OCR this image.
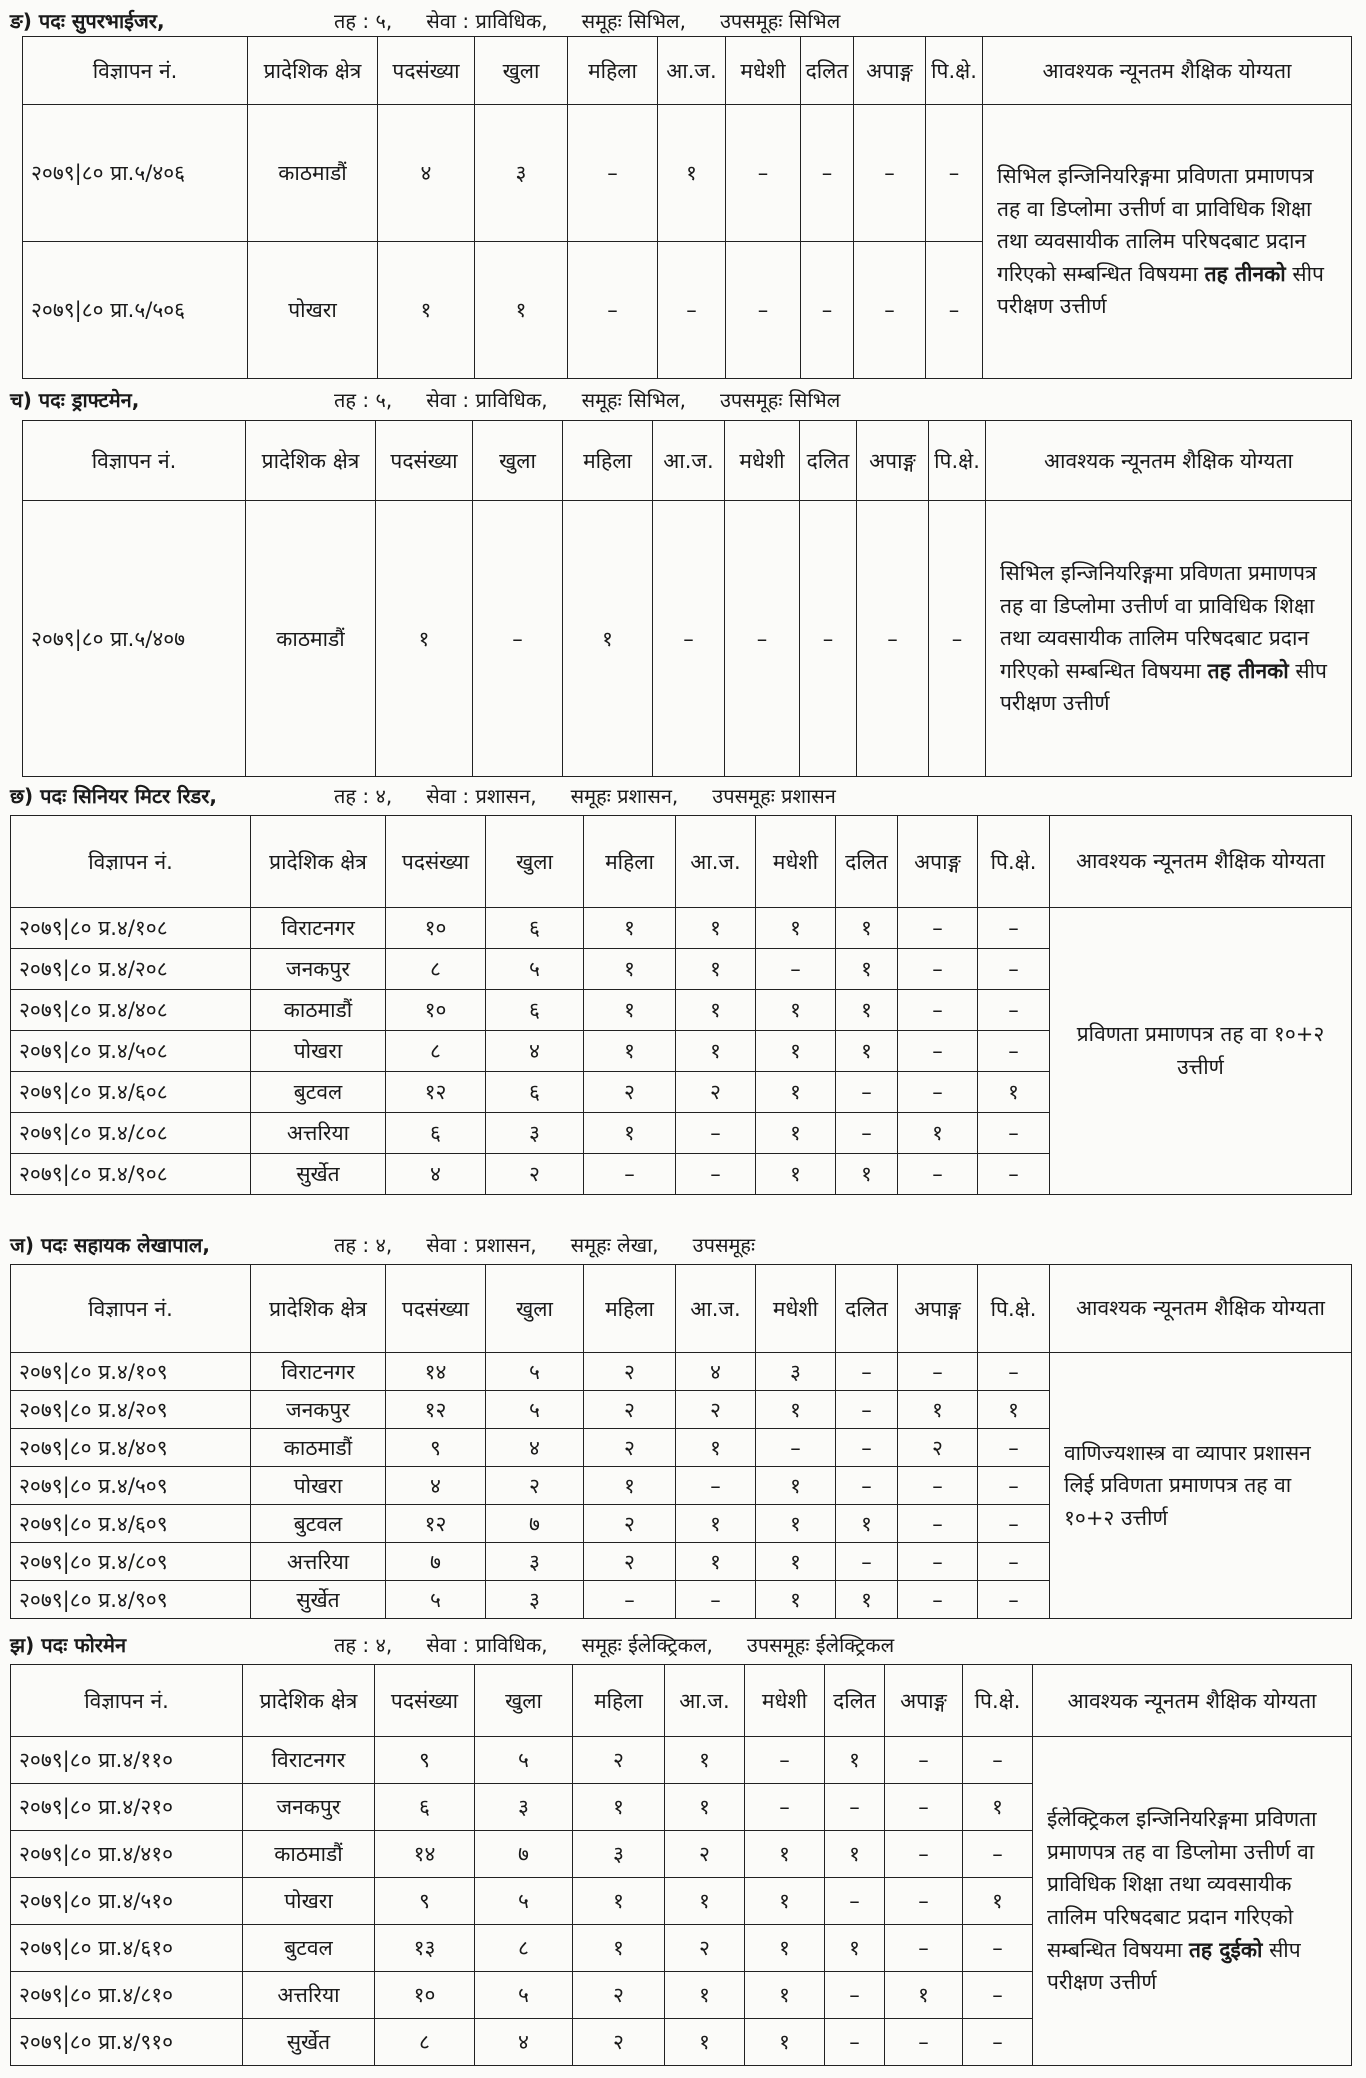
ङ) पदः सुपरभाईजर,	तह : ५, सेवा : प्राविधिक, समूहः सिभिल, उपसमूहः सिभिल
विज्ञापन नं.	प्रादेशिक क्षेत्र	पदसंख्या	खुला	महिला	आ.ज.	मधेशी	दलित	अपाङ्ग	पि.क्षे.	आवश्यक न्यूनतम शैक्षिक योग्यता
२०७९|८० प्रा.५/४०६	काठमाडौं	४	३	–	१	–	–	–	–	सिभिल इन्जिनियरिङ्गमा प्रविणता प्रमाणपत्र तह वा डिप्लोमा उत्तीर्ण वा प्राविधिक शिक्षा तथा व्यवसायीक तालिम परिषदबाट प्रदान गरिएको सम्बन्धित विषयमा तह तीनको सीप परीक्षण उत्तीर्ण
२०७९|८० प्रा.५/५०६	पोखरा	१	१	–	–	–	–	–	–	
च) पदः ड्राफ्टमेन,	तह : ५, सेवा : प्राविधिक, समूहः सिभिल, उपसमूहः सिभिल
विज्ञापन नं.	प्रादेशिक क्षेत्र	पदसंख्या	खुला	महिला	आ.ज.	मधेशी	दलित	अपाङ्ग	पि.क्षे.	आवश्यक न्यूनतम शैक्षिक योग्यता
२०७९|८० प्रा.५/४०७	काठमाडौं	१	–	१	–	–	–	–	–	सिभिल इन्जिनियरिङ्गमा प्रविणता प्रमाणपत्र तह वा डिप्लोमा उत्तीर्ण वा प्राविधिक शिक्षा तथा व्यवसायीक तालिम परिषदबाट प्रदान गरिएको सम्बन्धित विषयमा तह तीनको सीप परीक्षण उत्तीर्ण
छ) पदः सिनियर मिटर रिडर,	तह : ४, सेवा : प्रशासन, समूहः प्रशासन, उपसमूहः प्रशासन
विज्ञापन नं.	प्रादेशिक क्षेत्र	पदसंख्या	खुला	महिला	आ.ज.	मधेशी	दलित	अपाङ्ग	पि.क्षे.	आवश्यक न्यूनतम शैक्षिक योग्यता
२०७९|८० प्र.४/१०८	विराटनगर	१०	६	१	१	१	१	–	–	प्रविणता प्रमाणपत्र तह वा १०+२ उत्तीर्ण
२०७९|८० प्र.४/२०८	जनकपुर	८	५	१	१	–	१	–	–	
२०७९|८० प्र.४/४०८	काठमाडौं	१०	६	१	१	१	१	–	–	
२०७९|८० प्र.४/५०८	पोखरा	८	४	१	१	१	१	–	–	
२०७९|८० प्र.४/६०८	बुटवल	१२	६	२	२	१	–	–	१	
२०७९|८० प्र.४/८०८	अत्तरिया	६	३	१	–	१	–	१	–	
२०७९|८० प्र.४/९०८	सुर्खेत	४	२	–	–	१	१	–	–	
ज) पदः सहायक लेखापाल,	तह : ४, सेवा : प्रशासन, समूहः लेखा, उपसमूहः
विज्ञापन नं.	प्रादेशिक क्षेत्र	पदसंख्या	खुला	महिला	आ.ज.	मधेशी	दलित	अपाङ्ग	पि.क्षे.	आवश्यक न्यूनतम शैक्षिक योग्यता
२०७९|८० प्र.४/१०९	विराटनगर	१४	५	२	४	३	–	–	–	वाणिज्यशास्त्र वा व्यापार प्रशासन लिई प्रविणता प्रमाणपत्र तह वा १०+२ उत्तीर्ण
२०७९|८० प्र.४/२०९	जनकपुर	१२	५	२	२	१	–	१	१	
२०७९|८० प्र.४/४०९	काठमाडौं	९	४	२	१	–	–	२	–	
२०७९|८० प्र.४/५०९	पोखरा	४	२	१	–	१	–	–	–	
२०७९|८० प्र.४/६०९	बुटवल	१२	७	२	१	१	१	–	–	
२०७९|८० प्र.४/८०९	अत्तरिया	७	३	२	१	१	–	–	–	
२०७९|८० प्र.४/९०९	सुर्खेत	५	३	–	–	१	१	–	–	
झ) पदः फोरमेन	तह : ४, सेवा : प्राविधिक, समूहः ईलेक्ट्रिकल, उपसमूहः ईलेक्ट्रिकल
विज्ञापन नं.	प्रादेशिक क्षेत्र	पदसंख्या	खुला	महिला	आ.ज.	मधेशी	दलित	अपाङ्ग	पि.क्षे.	आवश्यक न्यूनतम शैक्षिक योग्यता
२०७९|८० प्रा.४/११०	विराटनगर	९	५	२	१	–	१	–	–	ईलेक्ट्रिकल इन्जिनियरिङ्गमा प्रविणता प्रमाणपत्र तह वा डिप्लोमा उत्तीर्ण वा प्राविधिक शिक्षा तथा व्यवसायीक तालिम परिषदबाट प्रदान गरिएको सम्बन्धित विषयमा तह दुईको सीप परीक्षण उत्तीर्ण
२०७९|८० प्रा.४/२१०	जनकपुर	६	३	१	१	–	–	–	१	
२०७९|८० प्रा.४/४१०	काठमाडौं	१४	७	३	२	१	१	–	–	
२०७९|८० प्रा.४/५१०	पोखरा	९	५	१	१	१	–	–	१	
२०७९|८० प्रा.४/६१०	बुटवल	१३	८	१	२	१	१	–	–	
२०७९|८० प्रा.४/८१०	अत्तरिया	१०	५	२	१	१	–	१	–	
२०७९|८० प्रा.४/९१०	सुर्खेत	८	४	२	१	१	–	–	–	
